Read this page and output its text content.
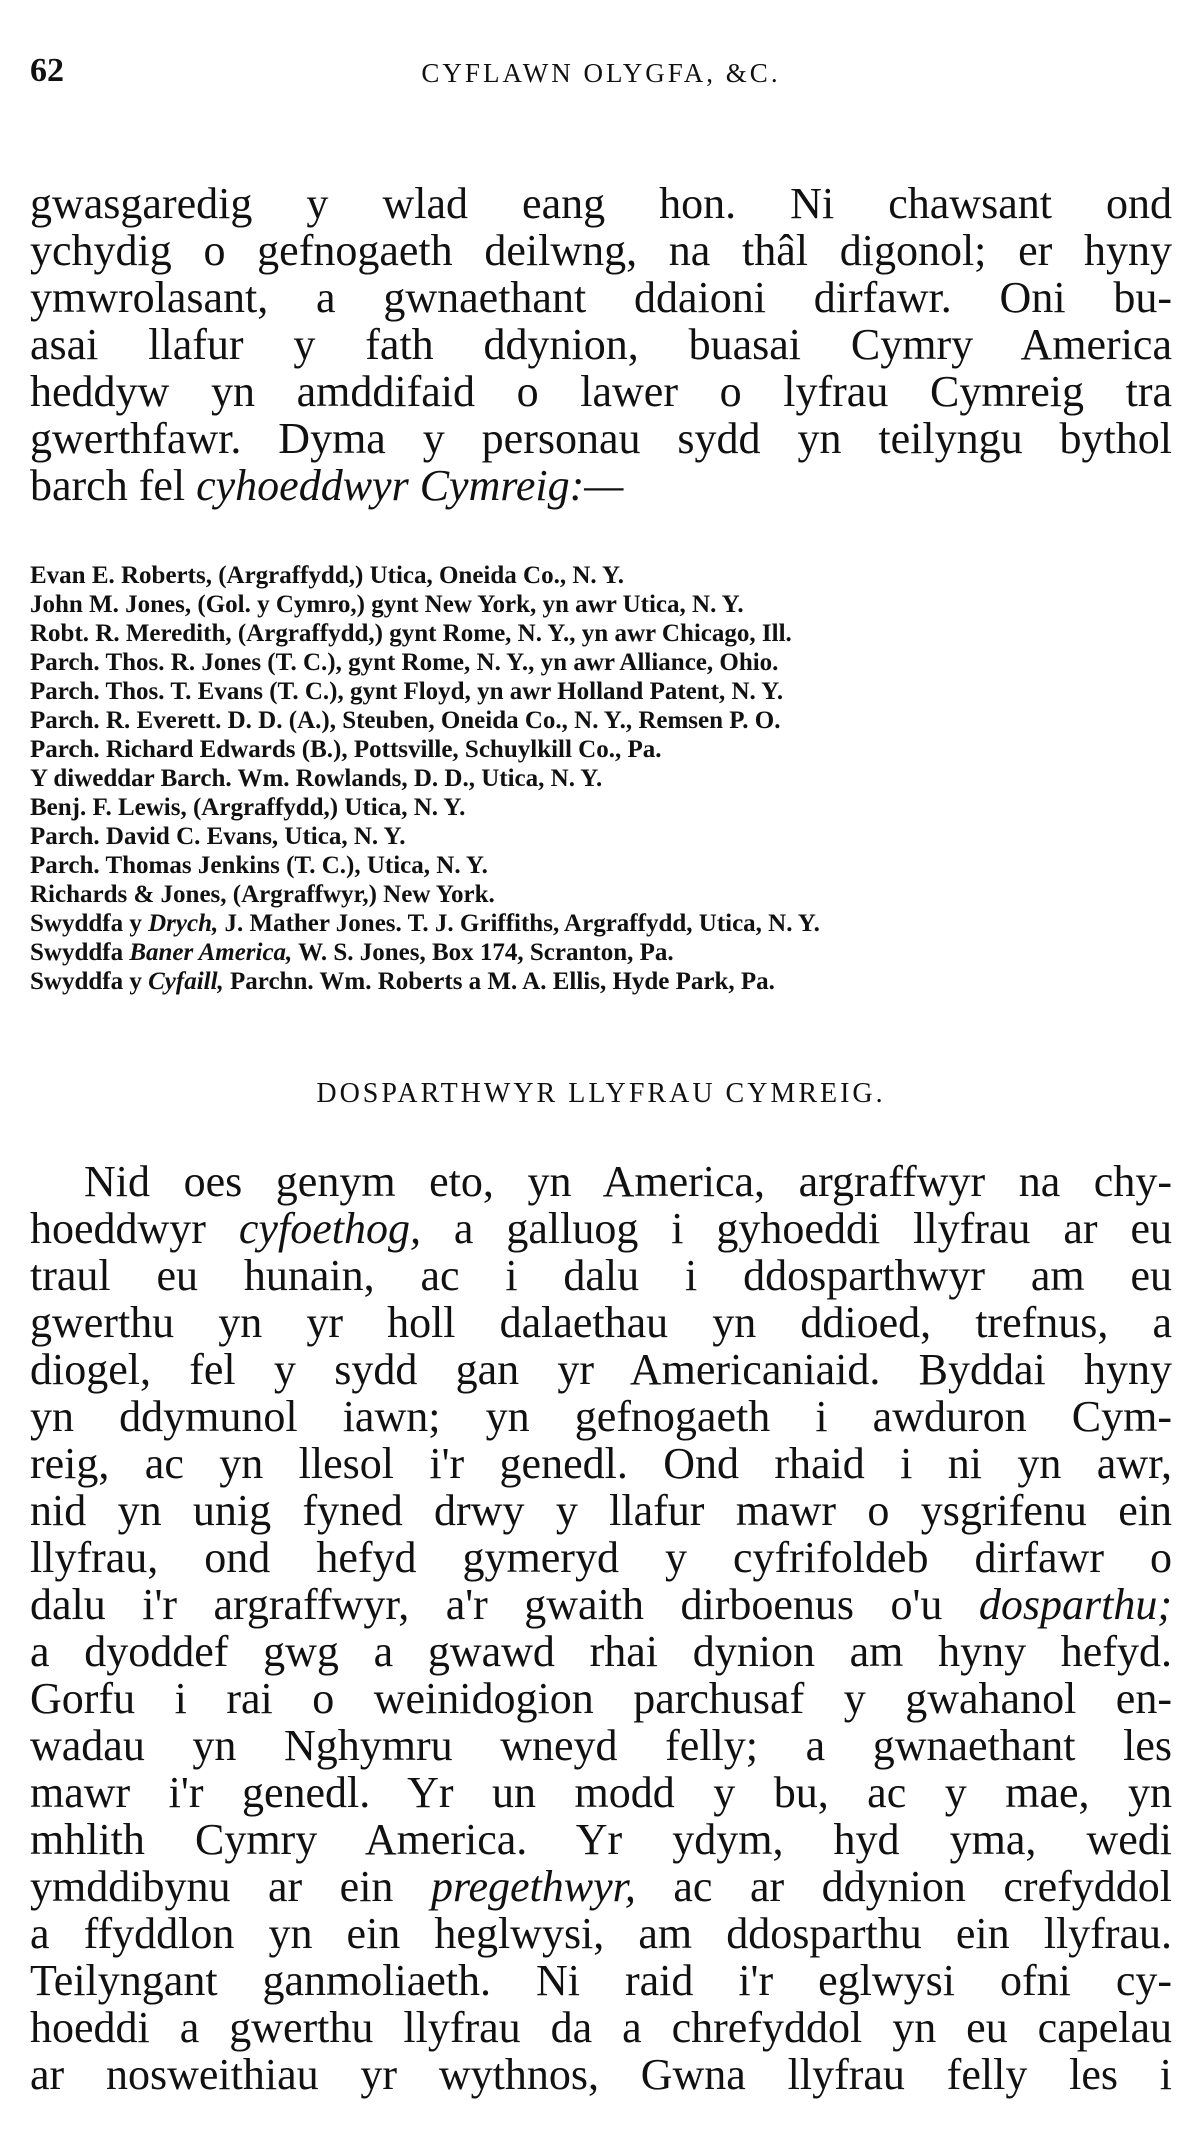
62	CYFLAWN OLYGFA, &C.

gwasgaredig y wlad eang hon. Ni chawsant ond
ychydig o gefnogaeth deilwng, na thâl digonol; er hyny
ymwrolasant, a gwnaethant ddaioni dirfawr. Oni bu-
asai llafur y fath ddynion, buasai Cymry America
heddyw yn amddifaid o lawer o lyfrau Cymreig tra
gwerthfawr. Dyma y personau sydd yn teilyngu bythol
barch fel cyhoeddwyr Cymreig:—

Evan E. Roberts, (Argraffydd,) Utica, Oneida Co., N. Y.
John M. Jones, (Gol. y Cymro,) gynt New York, yn awr Utica, N. Y.
Robt. R. Meredith, (Argraffydd,) gynt Rome, N. Y., yn awr Chicago, Ill.
Parch. Thos. R. Jones (T. C.), gynt Rome, N. Y., yn awr Alliance, Ohio.
Parch. Thos. T. Evans (T. C.), gynt Floyd, yn awr Holland Patent, N. Y.
Parch. R. Everett. D. D. (A.), Steuben, Oneida Co., N. Y., Remsen P. O.
Parch. Richard Edwards (B.), Pottsville, Schuylkill Co., Pa.
Y diweddar Barch. Wm. Rowlands, D. D., Utica, N. Y.
Benj. F. Lewis, (Argraffydd,) Utica, N. Y.
Parch. David C. Evans, Utica, N. Y.
Parch. Thomas Jenkins (T. C.), Utica, N. Y.
Richards & Jones, (Argraffwyr,) New York.
Swyddfa y Drych, J. Mather Jones. T. J. Griffiths, Argraffydd, Utica, N. Y.
Swyddfa Baner America, W. S. Jones, Box 174, Scranton, Pa.
Swyddfa y Cyfaill, Parchn. Wm. Roberts a M. A. Ellis, Hyde Park, Pa.
DOSPARTHWYR LLYFRAU CYMREIG.

Nid oes genym eto, yn America, argraffwyr na chy-
hoeddwyr cyfoethog, a galluog i gyhoeddi llyfrau ar eu
traul eu hunain, ac i dalu i ddosparthwyr am eu
gwerthu yn yr holl dalaethau yn ddioed, trefnus, a
diogel, fel y sydd gan yr Americaniaid. Byddai hyny
yn ddymunol iawn; yn gefnogaeth i awduron Cym-
reig, ac yn llesol i'r genedl. Ond rhaid i ni yn awr,
nid yn unig fyned drwy y llafur mawr o ysgrifenu ein
llyfrau, ond hefyd gymeryd y cyfrifoldeb dirfawr o
dalu i'r argraffwyr, a'r gwaith dirboenus o'u dosparthu;
a dyoddef gwg a gwawd rhai dynion am hyny hefyd.
Gorfu i rai o weinidogion parchusaf y gwahanol en-
wadau yn Nghymru wneyd felly; a gwnaethant les
mawr i'r genedl. Yr un modd y bu, ac y mae, yn
mhlith Cymry America. Yr ydym, hyd yma, wedi
ymddibynu ar ein pregethwyr, ac ar ddynion crefyddol
a ffyddlon yn ein heglwysi, am ddosparthu ein llyfrau.
Teilyngant ganmoliaeth. Ni raid i'r eglwysi ofni cy-
hoeddi a gwerthu llyfrau da a chrefyddol yn eu capelau
ar nosweithiau yr wythnos, Gwna llyfrau felly les i
